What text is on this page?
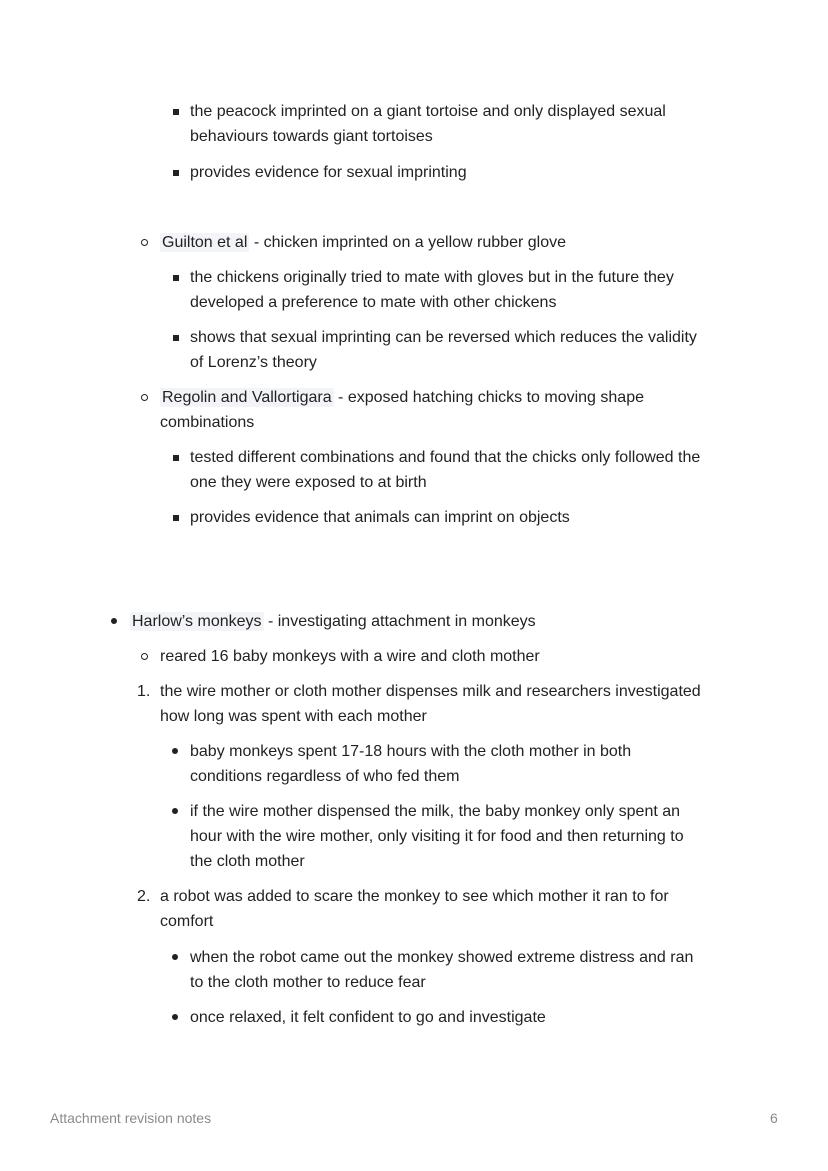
the peacock imprinted on a giant tortoise and only displayed sexual
behaviours towards giant tortoises
provides evidence for sexual imprinting
Guilton et al - chicken imprinted on a yellow rubber glove
the chickens originally tried to mate with gloves but in the future they
developed a preference to mate with other chickens
shows that sexual imprinting can be reversed which reduces the validity
of Lorenz’s theory
Regolin and Vallortigara - exposed hatching chicks to moving shape
combinations
tested different combinations and found that the chicks only followed the
one they were exposed to at birth
provides evidence that animals can imprint on objects
Harlow’s monkeys - investigating attachment in monkeys
reared 16 baby monkeys with a wire and cloth mother
1. the wire mother or cloth mother dispenses milk and researchers investigated
how long was spent with each mother
baby monkeys spent 17-18 hours with the cloth mother in both
conditions regardless of who fed them
if the wire mother dispensed the milk, the baby monkey only spent an
hour with the wire mother, only visiting it for food and then returning to
the cloth mother
2. a robot was added to scare the monkey to see which mother it ran to for
comfort
when the robot came out the monkey showed extreme distress and ran
to the cloth mother to reduce fear
once relaxed, it felt confident to go and investigate
Attachment revision notes	6
